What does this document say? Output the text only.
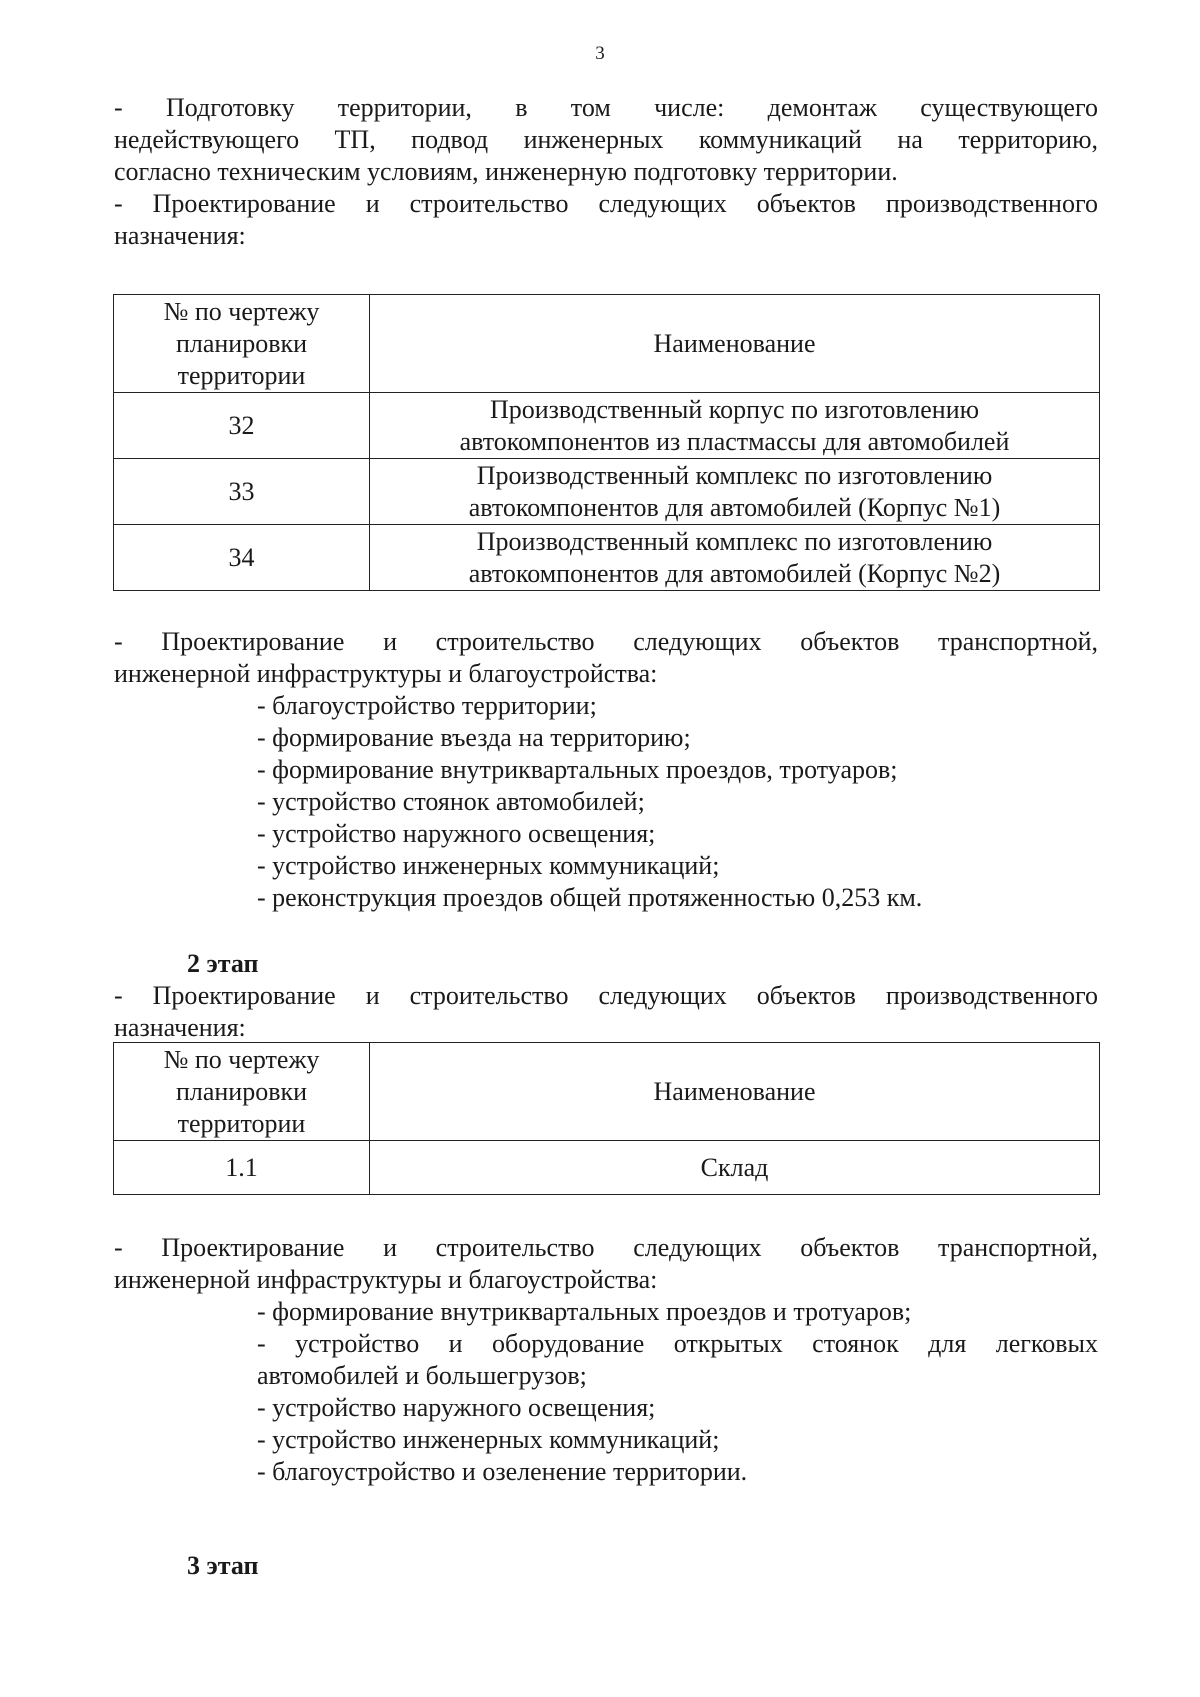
3
- Подготовку территории, в том числе: демонтаж существующего
недействующего ТП, подвод инженерных коммуникаций на территорию,
согласно техническим условиям, инженерную подготовку территории.
- Проектирование и строительство следующих объектов производственного
назначения:
№ по чертежу
планировки
территории	Наименование
32	Производственный корпус по изготовлению
автокомпонентов из пластмассы для автомобилей

33	Производственный комплекс по изготовлению
автокомпонентов для автомобилей (Корпус №1)

34	Производственный комплекс по изготовлению
автокомпонентов для автомобилей (Корпус №2)
- Проектирование и строительство следующих объектов транспортной,
инженерной инфраструктуры и благоустройства:
- благоустройство территории;
- формирование въезда на территорию;
- формирование внутриквартальных проездов, тротуаров;
- устройство стоянок автомобилей;
- устройство наружного освещения;
- устройство инженерных коммуникаций;
- реконструкция проездов общей протяженностью 0,253 км.
2 этап
- Проектирование и строительство следующих объектов производственного
назначения:
№ по чертежу
планировки
территории	Наименование
1.1	Склад
- Проектирование и строительство следующих объектов транспортной,
инженерной инфраструктуры и благоустройства:
- формирование внутриквартальных проездов и тротуаров;
- устройство и оборудование открытых стоянок для легковых
автомобилей и большегрузов;
- устройство наружного освещения;
- устройство инженерных коммуникаций;
- благоустройство и озеленение территории.
3 этап
